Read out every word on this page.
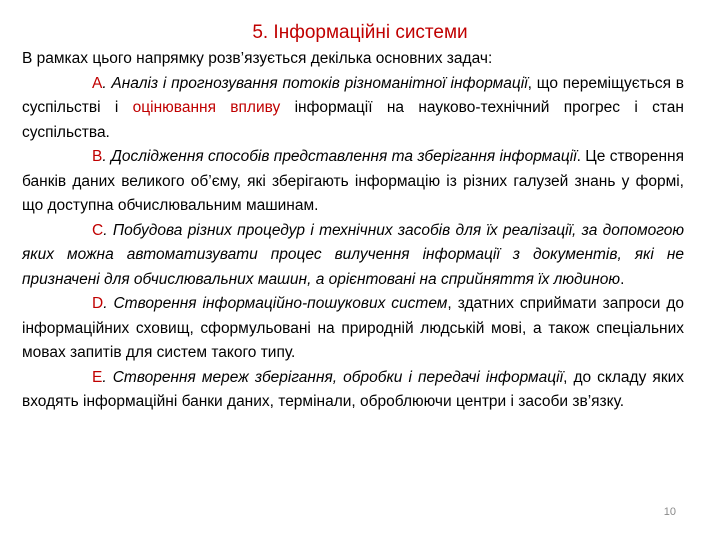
5. Інформаційні системи

В рамках цього напрямку розв’язується декілька основних задач:

A. Аналіз і прогнозування потоків різноманітної інформації, що переміщується в суспільстві і оцінювання впливу інформації на науково-технічний прогрес і стан суспільства.

B. Дослідження способів представлення та зберігання інформації. Це створення банків даних великого об’єму, які зберігають інформацію із різних галузей знань у формі, що доступна обчислювальним машинам.

C. Побудова різних процедур і технічних засобів для їх реалізації, за допомогою яких можна автоматизувати процес вилучення інформації з документів, які не призначені для обчислювальних машин, а орієнтовані на сприйняття їх людиною.

D. Створення інформаційно-пошукових систем, здатних сприймати запроси до інформаційних сховищ, сформульовані на природній людській мові, а також спеціальних мовах запитів для систем такого типу.

E. Створення мереж зберігання, обробки і передачі інформації, до складу яких входять інформаційні банки даних, термінали, оброблюючи центри і засоби зв’язку.

10
